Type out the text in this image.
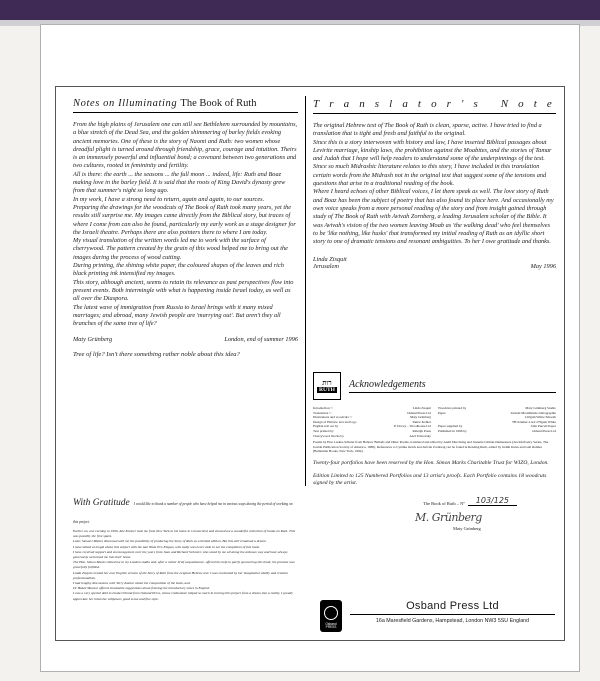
Notes on Illuminating The Book of Ruth

From the high plains of Jerusalem one can still see Bethlehem surrounded by mountains, a blue stretch of the Dead Sea, and the golden shimmering of barley fields evoking ancient memories. One of these is the story of Naomi and Ruth: two women whose dreadful plight is turned around through friendship, grace, courage and intuition. Theirs is an immensely powerful and influential bond; a covenant between two generations and two cultures, rooted in femininity and fertility.

All is there: the earth ... the seasons ... the full moon ... indeed, life: Ruth and Boaz making love in the barley field. It is said that the roots of King David's dynasty grew from that summer's night so long ago.

In my work, I have a strong need to return, again and again, to our sources.

Preparing the drawings for the woodcuts of The Book of Ruth took many years, yet the results still surprise me. My images came directly from the Biblical story, but traces of where I come from can also be found, particularly my early work as a stage designer for the Israeli theatre. Perhaps there are also pointers there to where I am today.

My visual translation of the written words led me to work with the surface of cherrywood. The pattern created by the grain of this wood helped me to bring out the images during the process of wood cutting.

During printing, the shining white paper, the coloured shapes of the leaves and rich black printing ink intensified my images.

This story, although ancient, seems to retain its relevance as past perspectives flow into present events. Both intermingle with what is happening inside Israel today, as well as all over the Diaspora.

The latest wave of immigration from Russia to Israel brings with it many mixed marriages; and abroad, many Jewish people are 'marrying out'. But aren't they all branches of the same tree of life?

Maty Grünberg	London, end of summer 1996
Tree of life? Isn't there something rather noble about this idea?
With Gratitude I would like to thank a number of people who have helped me in various ways during the period of working on this project.

Earlier on, one evening in 1990, Abe Kremer took me from New York to his home in Connecticut and showed me a wonderful collection of books on Ruth. This was possibly the first spark.

Later, Stewart Mattes discussed with me the possibility of producing the Story of Ruth as a limited edition. But this still remained a dream.

I have talked at length about this subject with the late Nitza Ern-Elegan, who sadly was never able to see the completion of this book.

I have received support and encouragement over the years from Joan and Richard Schoster, who stood by me all along the arduous way and have always generously welcomed me into their home.

The Hon. Simon Marks visited me in my London studio and, after a rather brief acquaintance, offered his help in partly sponsoring this book; his promise was gracefully fulfilled.

Linda Zisquit created her own English version of the Story of Ruth from the original Hebrew text. I was enchanted by her imaginative ability and creative professionalism.

I had lengthy discussions with Terry Kantor about the composition of the book, and

Dr Hakol Mansur offered invaluable suggestions about framing the introductory notes in English.

I owe a very special debt to Linda Orbund from Osband Press, whose enthusiasm helped so much in turning this project from a dream into a reality. I greatly appreciate her intensive willpower, good sense and fine style.

T r a n s l a t o r ' s
N o t e

The original Hebrew text of The Book of Ruth is clean, sparse, active. I have tried to find a translation that is tight and fresh and faithful to the original.

Since this is a story interwoven with history and law, I have inserted Biblical passages about Levirite marriage, kinship laws, the prohibition against the Moabites, and the stories of Tamar and Judah that I hope will help readers to understand some of the underpinnings of the text. Since so much Midrashic literature relates to this story, I have included in this translation certain words from the Midrash not in the original text that suggest some of the tensions and questions that arise in a traditional reading of the book.

Where I heard echoes of other Biblical voices, I let them speak as well. The love story of Ruth and Boaz has been the subject of poetry that has also found its place here. And occasionally my own voice speaks from a more personal reading of the story and from insight gained through study of The Book of Ruth with Avivah Zornberg, a leading Jerusalem scholar of the Bible. It was Avivah's vision of the two women leaving Moab as 'the walking dead' who feel themselves to be 'like nothing, like husks' that transformed my initial reading of Ruth as an idyllic short story to one of dramatic tensions and resonant ambiguities. To her I owe gratitude and thanks.

Linda Zisquit
Jerusalem	May 1996
רות
RUTH Acknowledgements
Introduction ©	Linda Zisquit
Translation ©	Osband Press Ltd
Illustrations and woodcuts ©	Maty Grünberg
Design of Hebrew text and logo	Tamar Kohler
English text set by	P. Dovey – Woodhouse Ltd
Text printed by	Raleigh Press
Cherrywood blocks by	Axel Tolkovsky
Woodcuts printed by	Maty Grünberg Studio
Paper	Zerkall Mouldmade Lithographie
210gsm White Smooth
TH Kremer-Lord 270gsm White
Paper supplied by	John Purcell Paper
Published in 1996 by	Osband Press Ltd
Poems by Else Lasker-Schuler from Hebrew Ballads and Other Poems, translated and edited by Audri Durchslag and Jeanette Litman-Demeestere (Jewish Poetry Series, The Jewish Publication Society of America, 1980). References to Cynthia Ozick and Avivah Zornberg can be found in Reading Ruth, edited by Judith Kates and Gail Reimer (Ballantine Books, New York, 1994).
Twenty-four portfolios have been reserved by the Hon. Simon Marks Charitable Trust for WIZO, London.
Edition Limited to 125 Numbered Portfolios and 13 artist's proofs. Each Portfolio contains 18 woodcuts signed by the artist.
The Book of Ruth – Nº	103/125
M. Grünberg
Maty Grünberg
Osband PRESS
Osband Press Ltd
16a Maresfield Gardens, Hampstead, London NW3 5SU England
